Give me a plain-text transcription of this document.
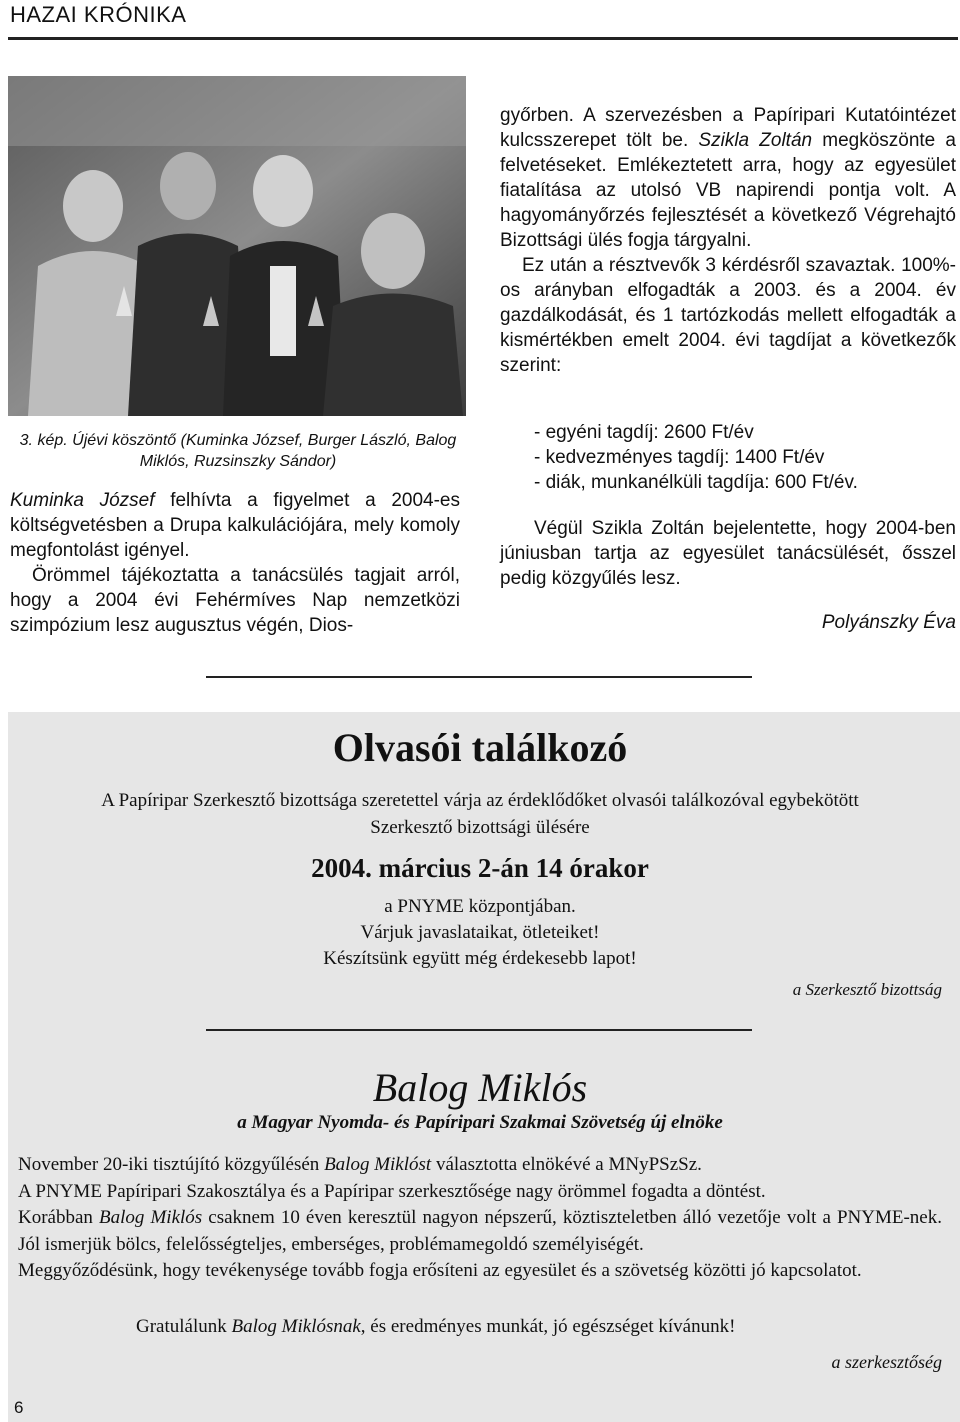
HAZAI KRÓNIKA
3. kép. Újévi köszöntő (Kuminka József, Burger László, Balog Miklós, Ruzsinszky Sándor)

Kuminka József felhívta a figyelmet a 2004-es költségvetésben a Drupa kalkulációjára, mely komoly megfontolást igényel.

Örömmel tájékoztatta a tanácsülés tagjait arról, hogy a 2004 évi Fehérmíves Nap nemzetközi szimpózium lesz augusztus végén, Dios-

győrben. A szervezésben a Papíripari Kutatóintézet kulcsszerepet tölt be. Szikla Zoltán megköszönte a felvetéseket. Emlékeztetett arra, hogy az egyesület fiatalítása az utolsó VB napirendi pontja volt. A hagyományőrzés fejlesztését a következő Végrehajtó Bizottsági ülés fogja tárgyalni.

Ez után a résztvevők 3 kérdésről szavaztak. 100%-os arányban elfogadták a 2003. és a 2004. év gazdálkodását, és 1 tartózkodás mellett elfogadták a kismértékben emelt 2004. évi tagdíjat a következők szerint:

- egyéni tagdíj: 2600 Ft/év
- kedvezményes tagdíj: 1400 Ft/év
- diák, munkanélküli tagdíja: 600 Ft/év.

Végül Szikla Zoltán bejelentette, hogy 2004-ben júniusban tartja az egyesület tanácsülését, ősszel pedig közgyűlés lesz.

Polyánszky Éva
Olvasói találkozó
A Papíripar Szerkesztő bizottsága szeretettel várja az érdeklődőket olvasói találkozóval egybekötött
Szerkesztő bizottsági ülésére
2004. március 2-án 14 órakor
a PNYME központjában.
Várjuk javaslataikat, ötleteiket!
Készítsünk együtt még érdekesebb lapot!
a Szerkesztő bizottság
Balog Miklós
a Magyar Nyomda- és Papíripari Szakmai Szövetség új elnöke

November 20-iki tisztújító közgyűlésén Balog Miklóst választotta elnökévé a MNyPSzSz.

A PNYME Papíripari Szakosztálya és a Papíripar szerkesztősége nagy örömmel fogadta a döntést.

Korábban Balog Miklós csaknem 10 éven keresztül nagyon népszerű, köztiszteletben álló vezetője volt a PNYME-nek. Jól ismerjük bölcs, felelősségteljes, emberséges, problémamegoldó személyiségét.

Meggyőződésünk, hogy tevékenysége tovább fogja erősíteni az egyesület és a szövetség közötti jó kapcsolatot.

Gratulálunk Balog Miklósnak, és eredményes munkát, jó egészséget kívánunk!
a szerkesztőség
6
